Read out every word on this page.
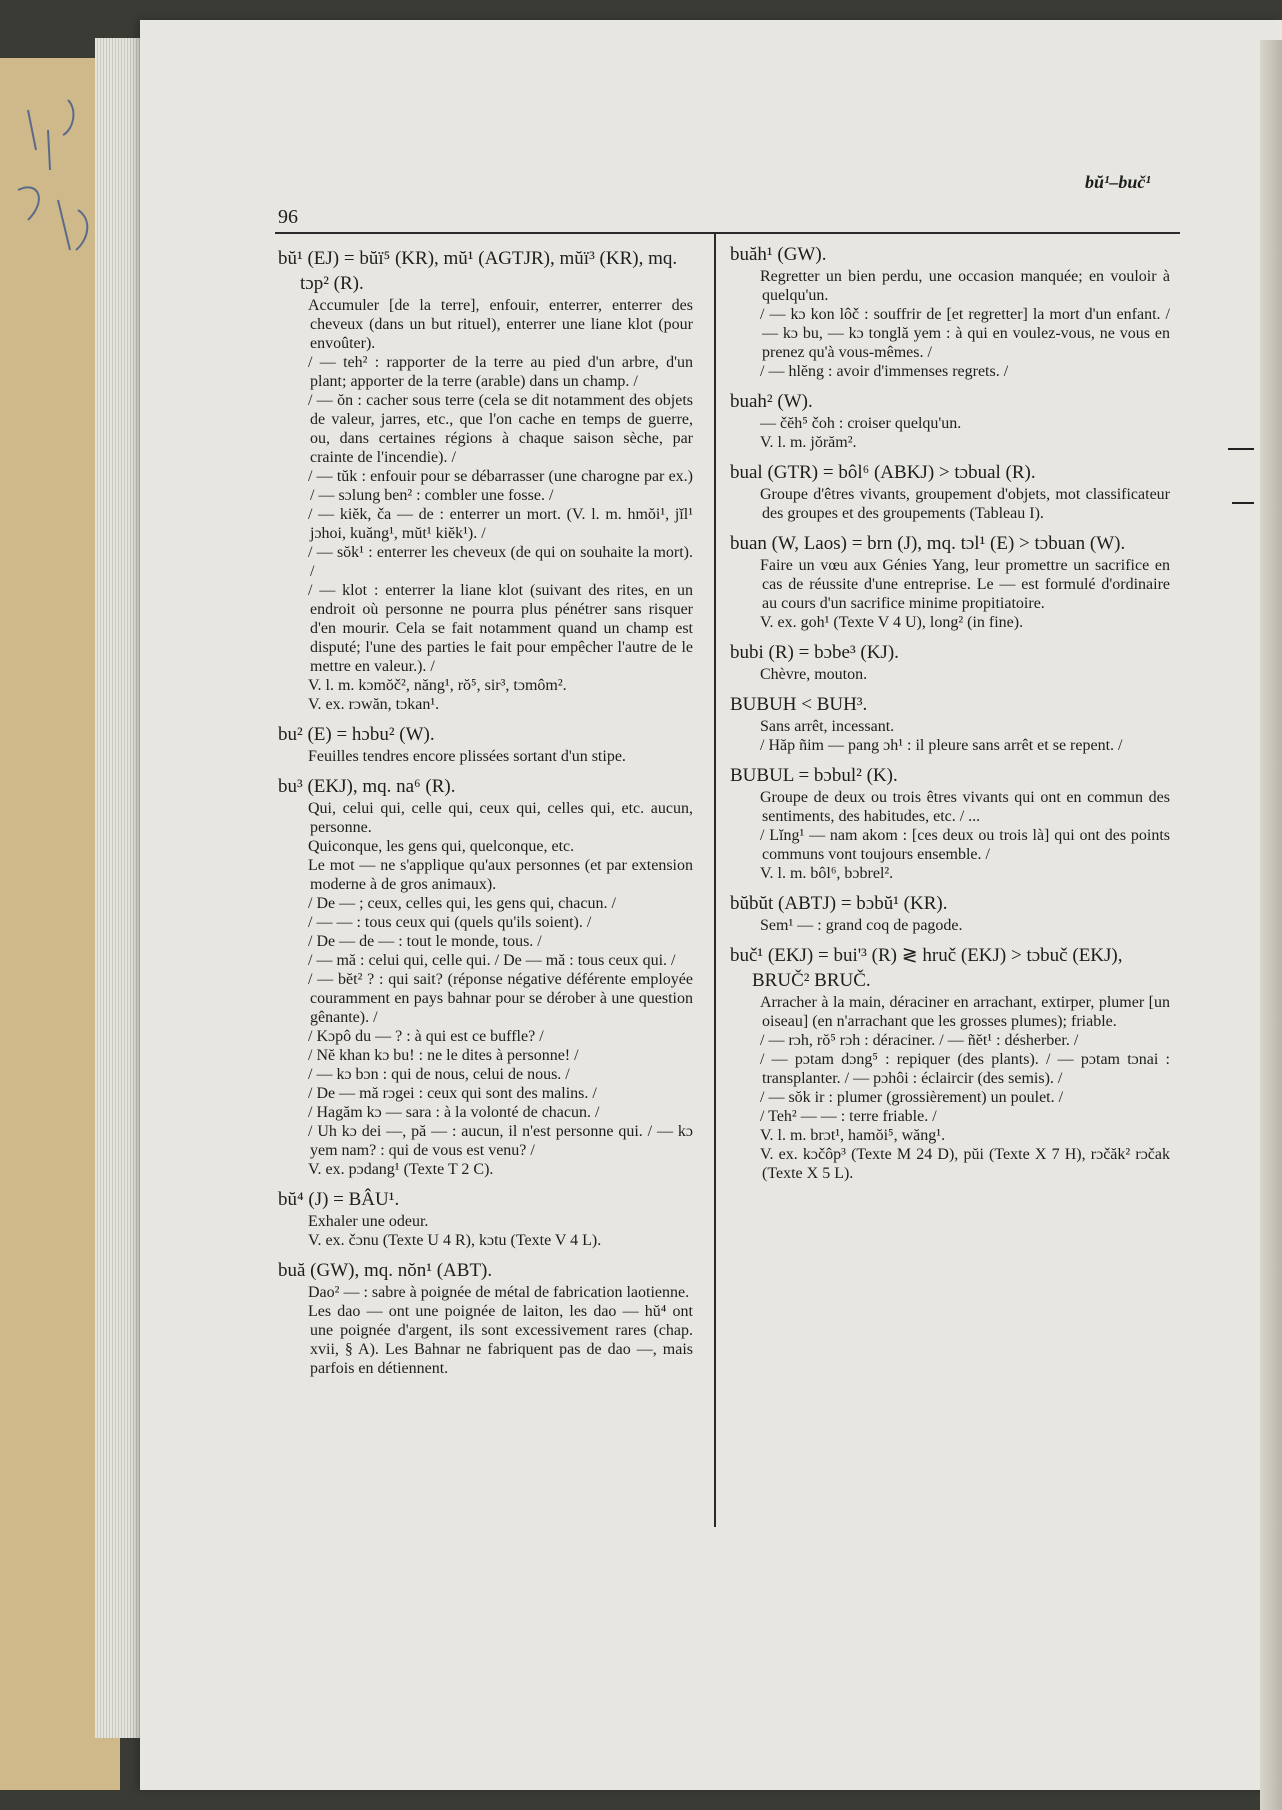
bŭ¹–buč¹
96
bŭ¹ (EJ) = bŭï⁵ (KR), mŭ¹ (AGTJR), mŭï³ (KR), mq. tɔp² (R).
Accumuler [de la terre], enfouir, enterrer, enterrer des cheveux (dans un but rituel), enterrer une liane klot (pour envoûter).
/ — teh² : rapporter de la terre au pied d'un arbre, d'un plant; apporter de la terre (arable) dans un champ. /
/ — ŏn : cacher sous terre (cela se dit notamment des objets de valeur, jarres, etc., que l'on cache en temps de guerre, ou, dans certaines régions à chaque saison sèche, par crainte de l'incendie). /
/ — tŭk : enfouir pour se débarrasser (une charogne par ex.) / — sɔlung ben² : combler une fosse. /
/ — kiĕk, ča — de : enterrer un mort. (V. l. m. hmŏi¹, jĭl¹ jɔhoi, kuăng¹, mŭt¹ kiĕk¹). /
/ — sŏk¹ : enterrer les cheveux (de qui on souhaite la mort). /
/ — klot : enterrer la liane klot (suivant des rites, en un endroit où personne ne pourra plus pénétrer sans risquer d'en mourir. Cela se fait notamment quand un champ est disputé; l'une des parties le fait pour empêcher l'autre de le mettre en valeur.). /
V. l. m. kɔmŏč², năng¹, rŏ⁵, sir³, tɔmôm².
V. ex. rɔwăn, tɔkan¹.
bu² (E) = hɔbu² (W).
Feuilles tendres encore plissées sortant d'un stipe.
bu³ (EKJ), mq. na⁶ (R).
Qui, celui qui, celle qui, ceux qui, celles qui, etc. aucun, personne.
Quiconque, les gens qui, quelconque, etc.
Le mot — ne s'applique qu'aux personnes (et par extension moderne à de gros animaux).
/ De — ; ceux, celles qui, les gens qui, chacun. /
/ — — : tous ceux qui (quels qu'ils soient). /
/ De — de — : tout le monde, tous. /
/ — mă : celui qui, celle qui. / De — mă : tous ceux qui. /
/ — bĕt² ? : qui sait? (réponse négative déférente employée couramment en pays bahnar pour se dérober à une question gênante). /
/ Kɔpô du — ? : à qui est ce buffle? /
/ Nĕ khan kɔ bu! : ne le dites à personne! /
/ — kɔ bɔn : qui de nous, celui de nous. /
/ De — mă rɔgei : ceux qui sont des malins. /
/ Hagăm kɔ — sara : à la volonté de chacun. /
/ Uh kɔ dei —, pă — : aucun, il n'est personne qui. / — kɔ yem nam? : qui de vous est venu? /
V. ex. pɔdang¹ (Texte T 2 C).
bŭ⁴ (J) = BÂU¹.
Exhaler une odeur.
V. ex. čɔnu (Texte U 4 R), kɔtu (Texte V 4 L).
buă (GW), mq. nŏn¹ (ABT).
Dao² — : sabre à poignée de métal de fabrication laotienne.
Les dao — ont une poignée de laiton, les dao — hŭ⁴ ont une poignée d'argent, ils sont excessivement rares (chap. xvii, § A). Les Bahnar ne fabriquent pas de dao —, mais parfois en détiennent.
buăh¹ (GW).
Regretter un bien perdu, une occasion manquée; en vouloir à quelqu'un.
/ — kɔ kon lôč : souffrir de [et regretter] la mort d'un enfant. / — kɔ bu, — kɔ tonglă yem : à qui en voulez-vous, ne vous en prenez qu'à vous-mêmes. /
/ — hlĕng : avoir d'immenses regrets. /
buah² (W).
— čĕh⁵ čoh : croiser quelqu'un.
V. l. m. jŏrăm².
bual (GTR) = bôl⁶ (ABKJ) > tɔbual (R).
Groupe d'êtres vivants, groupement d'objets, mot classificateur des groupes et des groupements (Tableau I).
buan (W, Laos) = brn (J), mq. tɔl¹ (E) > tɔbuan (W).
Faire un vœu aux Génies Yang, leur promettre un sacrifice en cas de réussite d'une entreprise. Le — est formulé d'ordinaire au cours d'un sacrifice minime propitiatoire.
V. ex. goh¹ (Texte V 4 U), long² (in fine).
bubi (R) = bɔbe³ (KJ).
Chèvre, mouton.
BUBUH < BUH³.
Sans arrêt, incessant.
/ Hăp ñim — pang ɔh¹ : il pleure sans arrêt et se repent. /
BUBUL = bɔbul² (K).
Groupe de deux ou trois êtres vivants qui ont en commun des sentiments, des habitudes, etc. / ...
/ Lĭng¹ — nam akom : [ces deux ou trois là] qui ont des points communs vont toujours ensemble. /
V. l. m. bôl⁶, bɔbrel².
bŭbŭt (ABTJ) = bɔbŭ¹ (KR).
Sem¹ — : grand coq de pagode.
buč¹ (EKJ) = bui'³ (R) ≷ hruč (EKJ) > tɔbuč (EKJ), BRUČ² BRUČ.
Arracher à la main, déraciner en arrachant, extirper, plumer [un oiseau] (en n'arrachant que les grosses plumes); friable.
/ — rɔh, rŏ⁵ rɔh : déraciner. / — ñĕt¹ : désherber. /
/ — pɔtam dɔng⁵ : repiquer (des plants). / — pɔtam tɔnai : transplanter. / — pɔhôi : éclaircir (des semis). /
/ — sŏk ir : plumer (grossièrement) un poulet. /
/ Teh² — — : terre friable. /
V. l. m. brɔt¹, hamŏi⁵, wăng¹.
V. ex. kɔčôp³ (Texte M 24 D), pŭi (Texte X 7 H), rɔčăk² rɔčak (Texte X 5 L).
